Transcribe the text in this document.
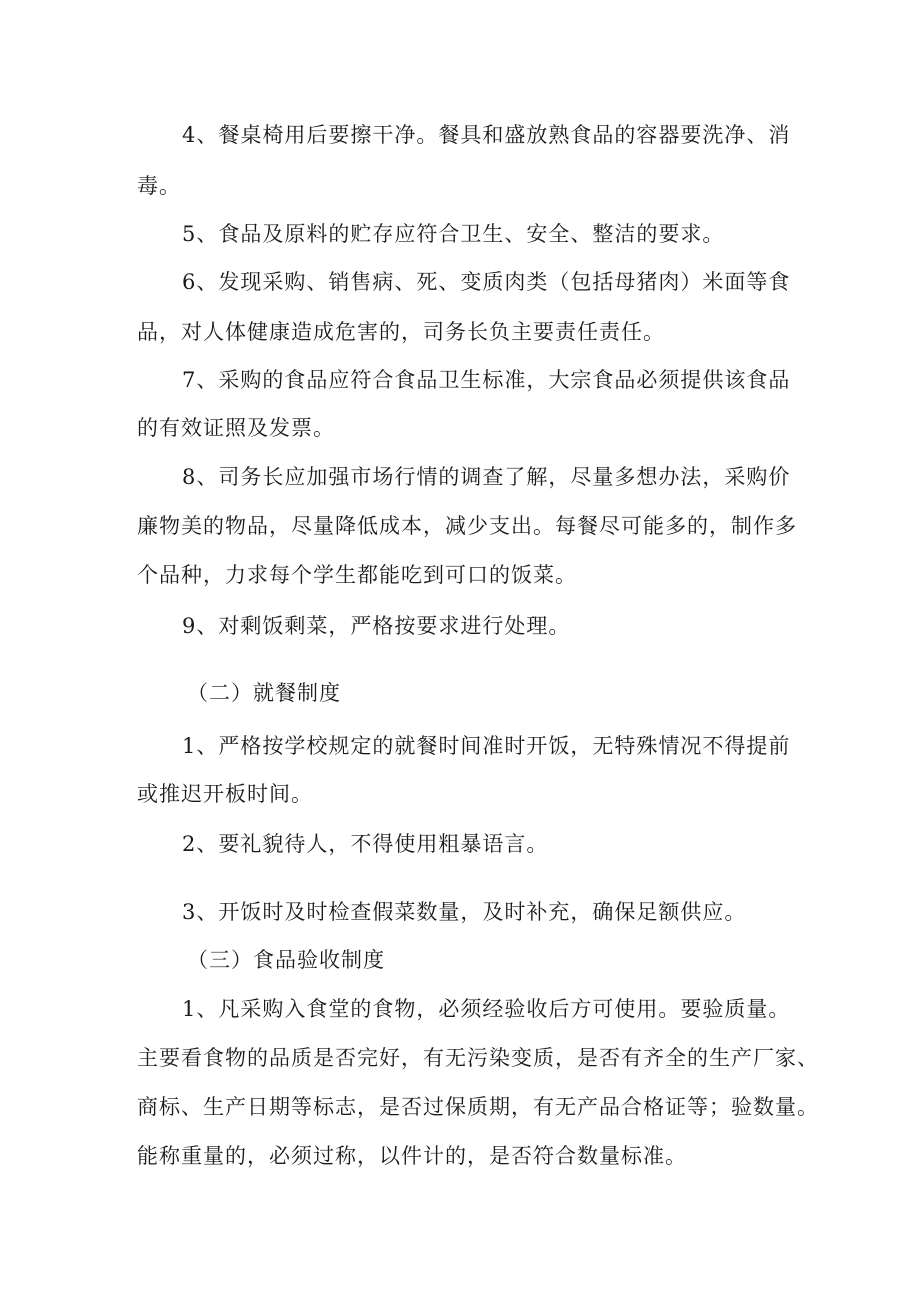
4、餐桌椅用后要擦干净。餐具和盛放熟食品的容器要洗净、消
毒。
5、食品及原料的贮存应符合卫生、安全、整洁的要求。
6、发现采购、销售病、死、变质肉类（包括母猪肉）米面等食
品，对人体健康造成危害的，司务长负主要责任责任。
7、采购的食品应符合食品卫生标准，大宗食品必须提供该食品
的有效证照及发票。
8、司务长应加强市场行情的调查了解，尽量多想办法，采购价
廉物美的物品，尽量降低成本，减少支出。每餐尽可能多的，制作多
个品种，力求每个学生都能吃到可口的饭菜。
9、对剩饭剩菜，严格按要求进行处理。
（二）就餐制度
1、严格按学校规定的就餐时间准时开饭，无特殊情况不得提前
或推迟开板时间。
2、要礼貌待人，不得使用粗暴语言。
3、开饭时及时检查假菜数量，及时补充，确保足额供应。
（三）食品验收制度
1、凡采购入食堂的食物，必须经验收后方可使用。要验质量。
主要看食物的品质是否完好，有无污染变质，是否有齐全的生产厂家、
商标、生产日期等标志，是否过保质期，有无产品合格证等；验数量。
能称重量的，必须过称，以件计的，是否符合数量标准。
